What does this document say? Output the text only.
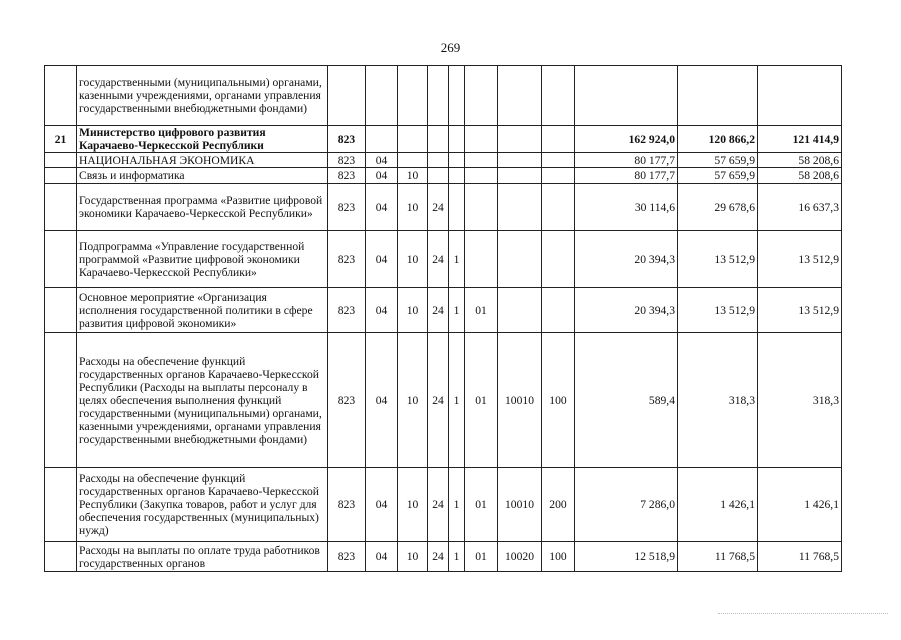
269
	государственными (муниципальными) органами, казенными учреждениями, органами управления государственными внебюджетными фондами)											
21	Министерство цифрового развития Карачаево-Черкесской Республики	823								162 924,0	120 866,2	121 414,9
	НАЦИОНАЛЬНАЯ ЭКОНОМИКА	823	04							80 177,7	57 659,9	58 208,6
	Связь и информатика	823	04	10						80 177,7	57 659,9	58 208,6
	Государственная программа «Развитие цифровой экономики Карачаево-Черкесской Республики»	823	04	10	24					30 114,6	29 678,6	16 637,3
	Подпрограмма «Управление государственной программой «Развитие цифровой экономики Карачаево-Черкесской Республики»	823	04	10	24	1				20 394,3	13 512,9	13 512,9
	Основное мероприятие «Организация исполнения государственной политики в сфере развития цифровой экономики»	823	04	10	24	1	01			20 394,3	13 512,9	13 512,9
	Расходы на обеспечение функций государственных органов Карачаево-Черкесской Республики (Расходы на выплаты персоналу в целях обеспечения выполнения функций государственными (муниципальными) органами, казенными учреждениями, органами управления государственными внебюджетными фондами)	823	04	10	24	1	01	10010	100	589,4	318,3	318,3
	Расходы на обеспечение функций государственных органов Карачаево-Черкесской Республики (Закупка товаров, работ и услуг для обеспечения государственных (муниципальных) нужд)	823	04	10	24	1	01	10010	200	7 286,0	1 426,1	1 426,1
	Расходы на выплаты по оплате труда работников государственных органов	823	04	10	24	1	01	10020	100	12 518,9	11 768,5	11 768,5
